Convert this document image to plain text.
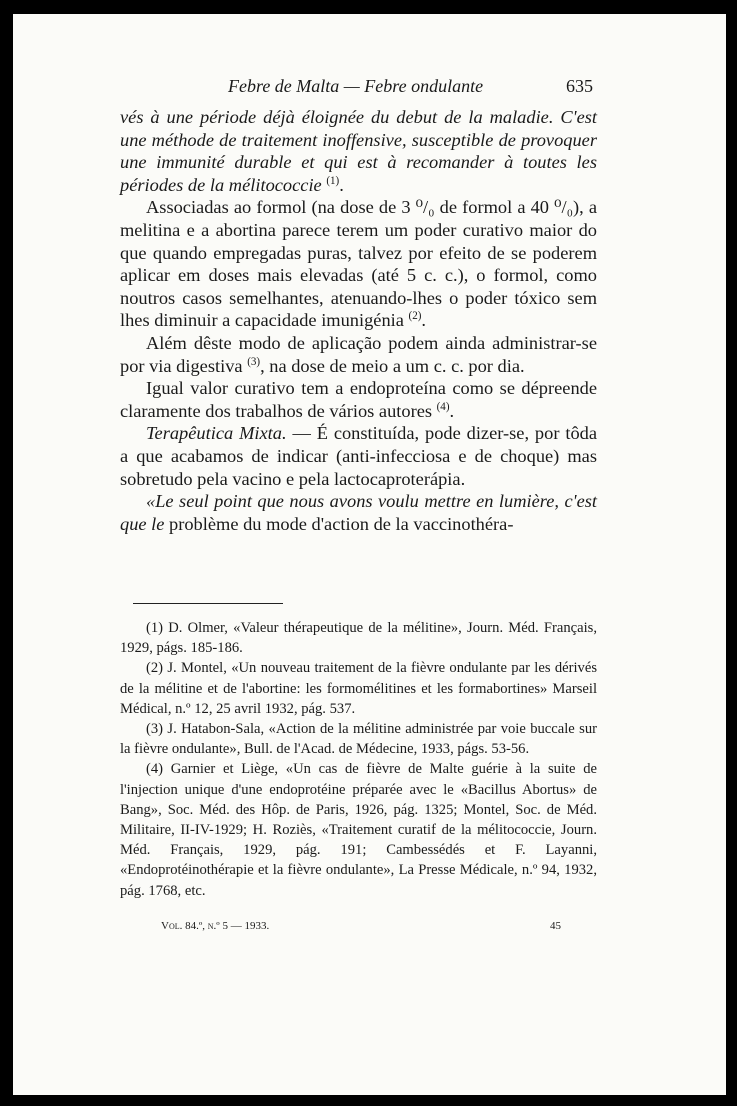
Febre de Malta — Febre ondulante	635

vés à une période déjà éloignée du debut de la maladie. C'est une méthode de traitement inoffensive, susceptible de provoquer une immunité durable et qui est à recomander à toutes les périodes de la mélitococcie $^{(1)}$.

Associadas ao formol (na dose de 3 ⁰/₀ de formol a 40 ⁰/₀), a melitina e a abortina parece terem um poder curativo maior do que quando empregadas puras, talvez por efeito de se poderem aplicar em doses mais elevadas (até 5 c. c.), o formol, como noutros casos semelhantes, atenuando-lhes o poder tóxico sem lhes diminuir a capacidade imunigénia $^{(2)}$.

Além dêste modo de aplicação podem ainda administrar-se por via digestiva $^{(3)}$, na dose de meio a um c. c. por dia.

Igual valor curativo tem a endoproteína como se dépreende claramente dos trabalhos de vários autores $^{(4)}$.

Terapêutica Mixta. — É constituída, pode dizer-se, por tôda a que acabamos de indicar (anti-infecciosa e de choque) mas sobretudo pela vacino e pela lactocaproterápia.

«Le seul point que nous avons voulu mettre en lumière, c'est que le problème du mode d'action de la vaccinothéra-

(1) D. Olmer, «Valeur thérapeutique de la mélitine», Journ. Méd. Français, 1929, págs. 185-186.

(2) J. Montel, «Un nouveau traitement de la fièvre ondulante par les dérivés de la mélitine et de l'abortine: les formomélitines et les formabortines» Marseil Médical, n.º 12, 25 avril 1932, pág. 537.

(3) J. Hatabon-Sala, «Action de la mélitine administrée par voie buccale sur la fièvre ondulante», Bull. de l'Acad. de Médecine, 1933, págs. 53-56.

(4) Garnier et Liège, «Un cas de fièvre de Malte guérie à la suite de l'injection unique d'une endoprotéine préparée avec le «Bacillus Abortus» de Bang», Soc. Méd. des Hôp. de Paris, 1926, pág. 1325; Montel, Soc. de Méd. Militaire, II-IV-1929; H. Roziès, «Traitement curatif de la mélitococcie, Journ. Méd. Français, 1929, pág. 191; Cambessédés et F. Layanni, «Endoprotéinothérapie et la fièvre ondulante», La Presse Médicale, n.º 94, 1932, pág. 1768, etc.

Vol. 84.º, n.º 5 — 1933.	45
